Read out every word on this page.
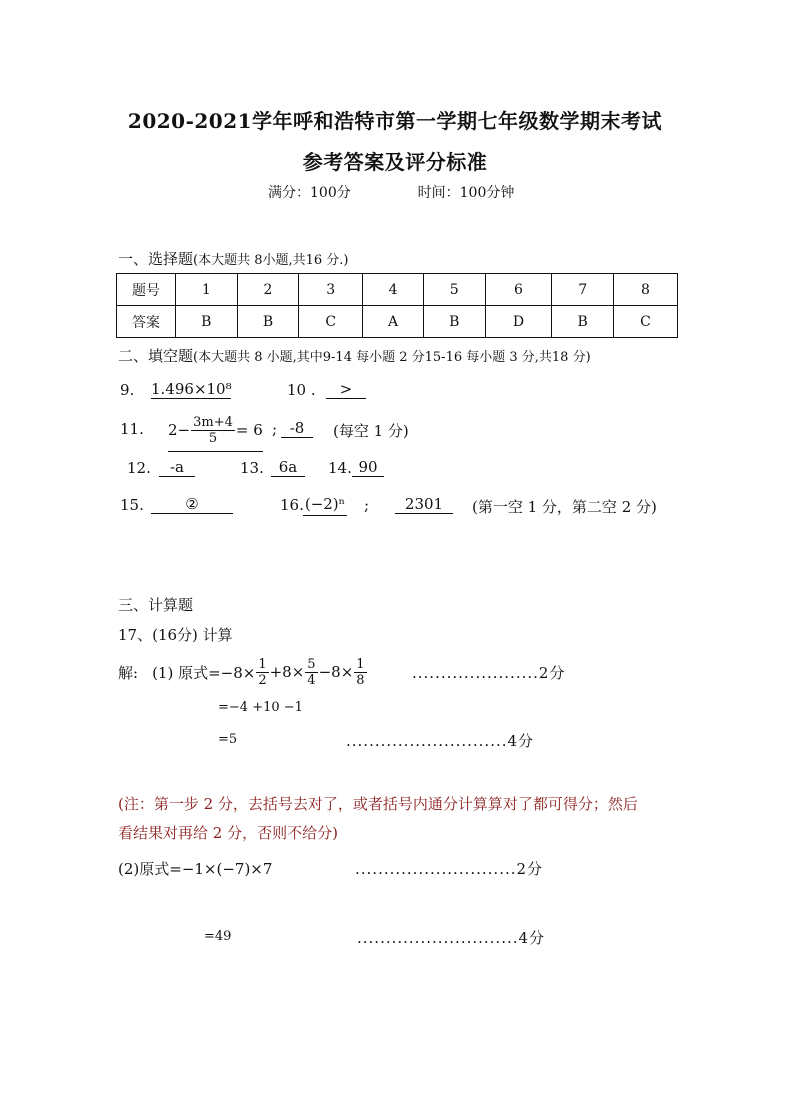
2020-2021学年呼和浩特市第一学期七年级数学期末考试
参考答案及评分标准
满分：100分	时间：100分钟
一、选择题(本大题共 8小题,共16 分.)
题号	1	2	3	4	5	6	7	8
答案	B	B	C	A	B	D	B	C
二、填空题(本大题共 8 小题,其中9-14 每小题 2 分15-16 每小题 3 分,共18 分)
9. 1.496×10⁸	10 .	>
11. $2- \frac{3m+4}{5} = 6$ ; -8	(每空 1 分)
12.	-a	13. 6a	14. 90
15.	②	16. (−2)ⁿ ;	2301	(第一空 1 分，第二空 2 分)
三、计算题
17、(16分) 计算
解: (1) 原式$=-8\times \frac{1}{2} +8\times \frac{5}{4} -8\times \frac{1}{8}$	......................2分
=−4 +10 −1
=5	............................4分
(注：第一步 2 分，去括号去对了，或者括号内通分计算算对了都可得分；然后
看结果对再给 2 分，否则不给分)
(2)原式=−1×(−7)×7	............................2分
=49	............................4分
